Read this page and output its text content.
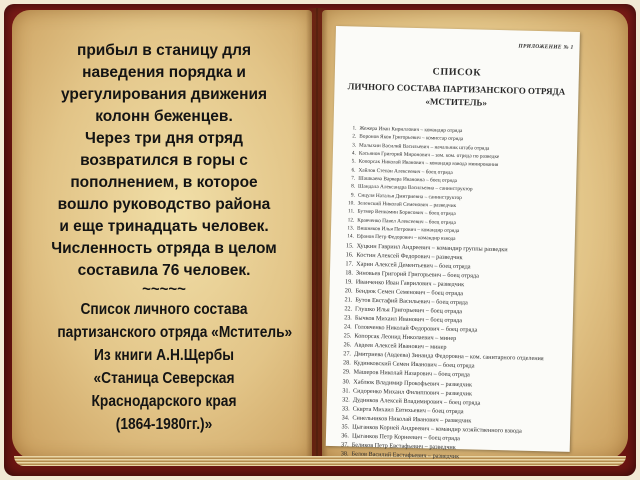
прибыл в станицу для
наведения порядка и
урегулирования движения
колонн беженцев.
Через три дня отряд
возвратился в горы с
пополнением, в которое
вошло руководство района
и еще тринадцать человек.
Численность отряда в целом
составила 76 человек.

~~~~~

Список личного состава
партизанского отряда «Мститель»
Из книги А.Н.Щербы
«Станица Северская
Краснодарского края
(1864-1980гг.)»

ПРИЛОЖЕНИЕ № 1

СПИСОК

ЛИЧНОГО СОСТАВА ПАРТИЗАНСКОГО ОТРЯДА
«МСТИТЕЛЬ»

1. Жежера Иван Кириллович – командир отряда
2. Воронов Яков Григорьевич – комиссар отряда
3. Малыхин Василий Васильевич – начальник штаба отряда
4. Касьянов Григорий Миронович – зам. ком. отряда по разведке
5. Копорсак Николай Иванович – командир взвода минирования
6. Хайлов Степан Алексеевич – боец отряда
7. Шашкаева Варвара Ивановна – боец отряда
8. Шандала Александра Васильевна – санинструктор
9. Сицуля Наталья Дмитриевна – санинструктор
10. Зеленский Николай Семенович – разведчик
11. Бутмер Вениамин Борисович – боец отряда
12. Кравченко Павел Алексеевич – боец отряда
13. Вишняков Илья Петрович – командир отряда
14. Ефанов Петр Федорович – командир взвода
15. Хуцкин Гавриил Андреевич – командир группы разведки
16. Костин Алексей Федорович – разведчик
17. Харин Алексей Дементьевич – боец отряда
18. Зиновьев Григорий Григорьевич – боец отряда
19. Иванченко Иван Гаврилович – разведчик
20. Бендюк Семен Семенович – боец отряда
21. Бутов Евстафий Васильевич – боец отряда
22. Глушко Илья Григорьевич – боец отряда
23. Бычков Михаил Иванович – боец отряда
24. Головченко Николай Федорович – боец отряда
25. Копорсак Леонид Николаевич – минер
26. Авдеев Алексей Иванович – минер
27. Дмитриева (Авдеева) Зинаида Федоровна – ком. санитарного отделения
28. Кудинковский Семен Иванович – боец отряда
29. Машеров Николай Назарович – боец отряда
30. Хаблюк Владимир Прокофьевич – разведчик
31. Сидоренко Михаил Филиппович – разведчик
32. Дудников Алексей Владимирович – боец отряда
33. Скврта Михаил Евтихьевич – боец отряда
34. Синельников Николай Иванович – разведчик
35. Цыганков Корней Андреевич – командир хозяйственного взвода
36. Цыганков Петр Корнеевич – боец отряда
37. Беликов Петр Евстафьевич – разведчик
38. Белов Василий Евстафьевич – разведчик
